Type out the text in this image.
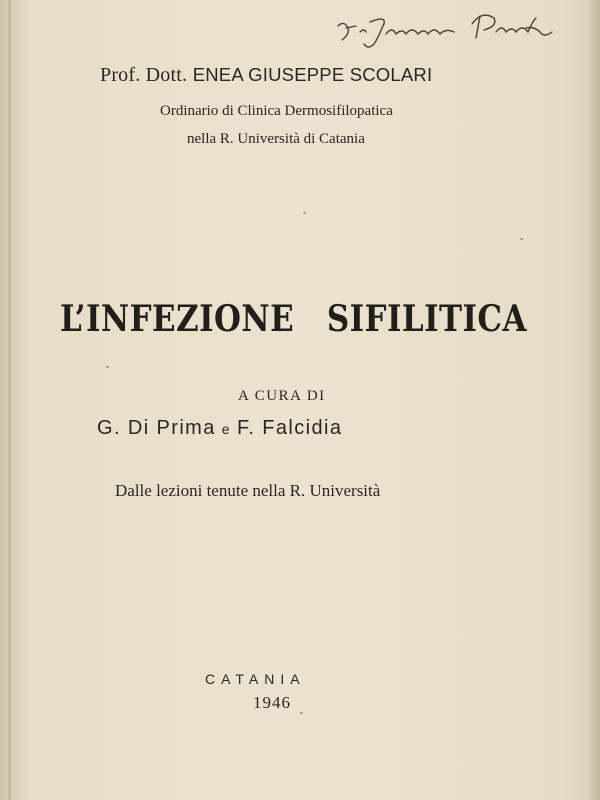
Prof. Dott. ENEA GIUSEPPE SCOLARI
Ordinario di Clinica Dermosifilopatica
nella R. Università di Catania
L’INFEZIONE SIFILITICA
A CURA DI
G. Di Prima e F. Falcidia
Dalle lezioni tenute nella R. Università
CATANIA
1946
